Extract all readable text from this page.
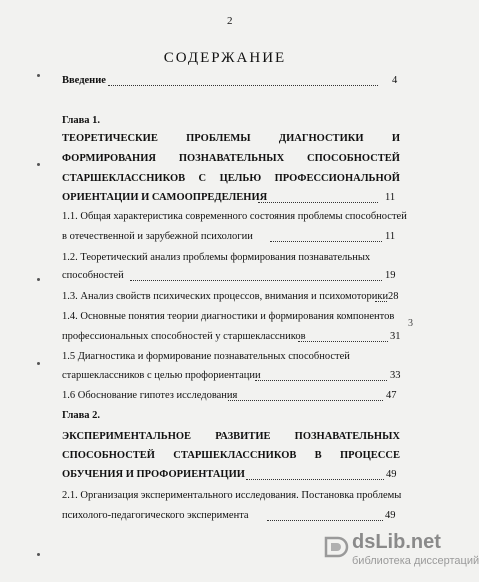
2
СОДЕРЖАНИЕ
Введение	4
Глава 1.
ТЕОРЕТИЧЕСКИЕ	ПРОБЛЕМЫ	ДИАГНОСТИКИ	И
ФОРМИРОВАНИЯ ПОЗНАВАТЕЛЬНЫХ СПОСОБНОСТЕЙ
СТАРШЕКЛАССНИКОВ С ЦЕЛЬЮ ПРОФЕССИОНАЛЬНОЙ
ОРИЕНТАЦИИ И САМООПРЕДЕЛЕНИЯ	11
1.1. Общая характеристика современного состояния проблемы способностей
в отечественной и зарубежной психологии	11
1.2. Теоретический анализ проблемы формирования познавательных
способностей	19
1.3. Анализ свойств психических процессов, внимания и психомоторики 28
1.4. Основные понятия теории диагностики и формирования компонентов
профессиональных способностей у старшеклассников	31
1.5 Диагностика и формирование познавательных способностей
старшеклассников с целью профориентации	33
1.6 Обоснование гипотез исследования	47
Глава 2.
ЭКСПЕРИМЕНТАЛЬНОЕ РАЗВИТИЕ ПОЗНАВАТЕЛЬНЫХ
СПОСОБНОСТЕЙ СТАРШЕКЛАССНИКОВ В ПРОЦЕССЕ
ОБУЧЕНИЯ И ПРОФОРИЕНТАЦИИ	49
2.1. Организация экспериментального исследования. Постановка проблемы
психолого-педагогического эксперимента	49
3
dsLib.net
библиотека диссертаций
